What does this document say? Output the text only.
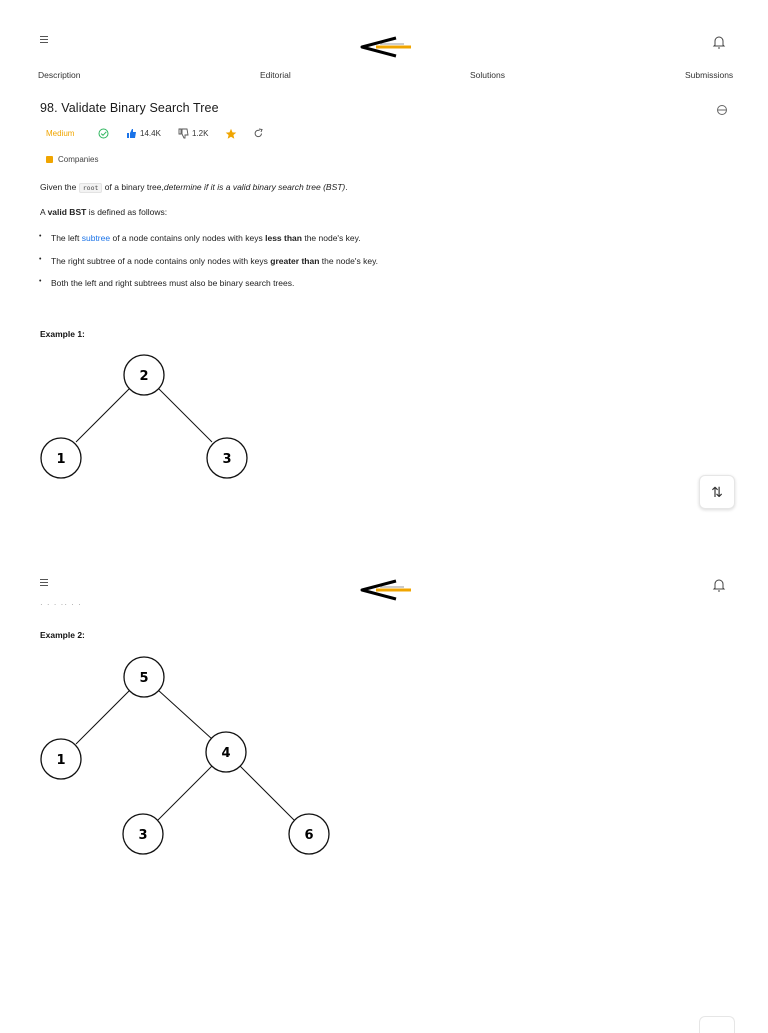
Description	Editorial	Solutions	Submissions
98. Validate Binary Search Tree
Medium	14.4K	1.2K
Companies
Given the root of a binary tree,determine if it is a valid binary search tree (BST).
A valid BST is defined as follows:
• The left subtree of a node contains only nodes with keys less than the node's key.
• The right subtree of a node contains only nodes with keys greater than the node's key.
• Both the left and right subtrees must also be binary search trees.
Example 1:
2
1	3
⇅
· · · ·· · ·
Example 2:
5
1	4
3	6
